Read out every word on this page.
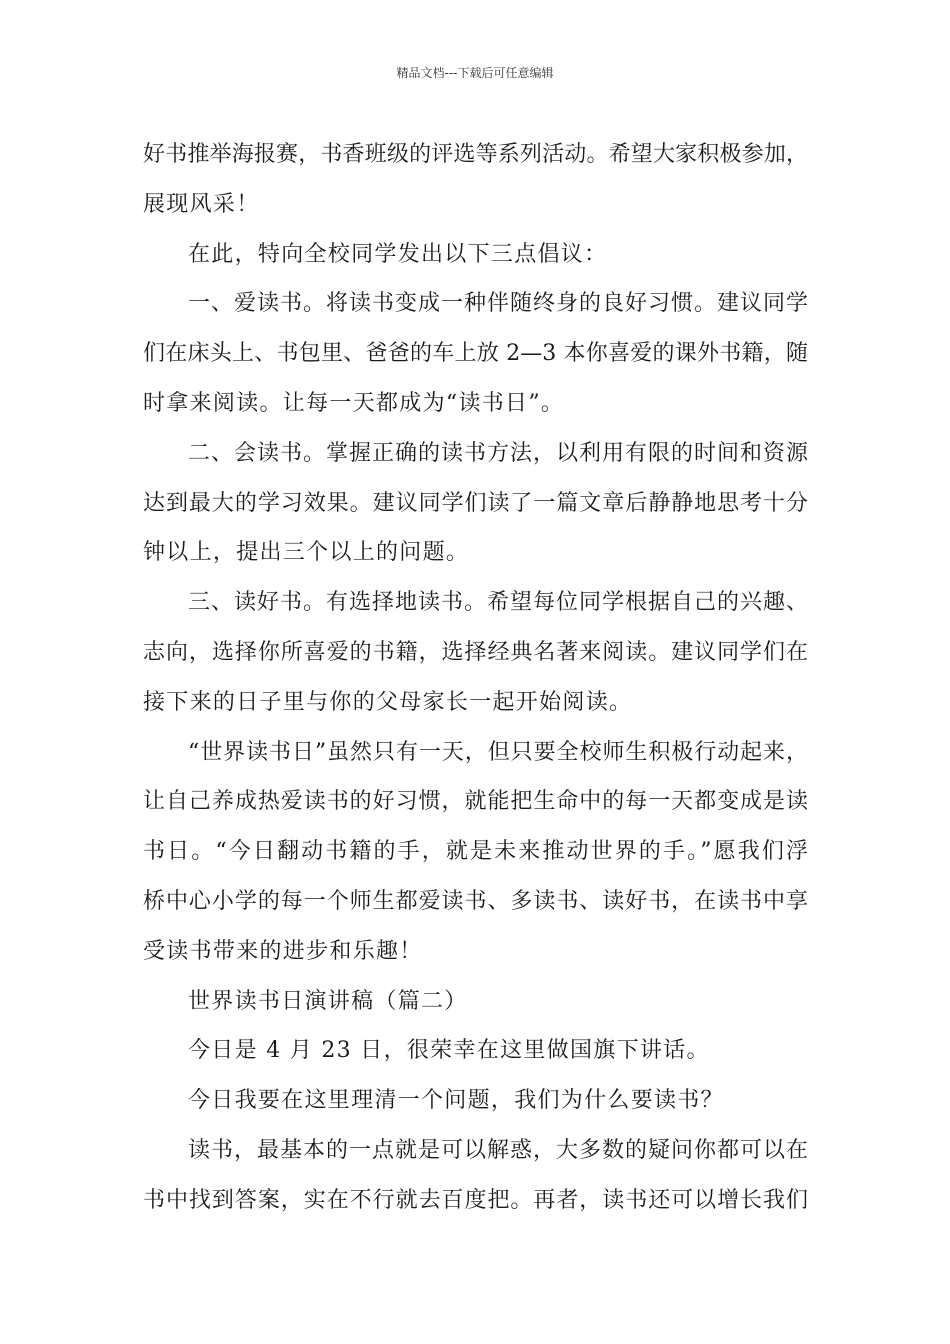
精品文档---下载后可任意编辑
好书推举海报赛，书香班级的评选等系列活动。希望大家积极参加，
展现风采！
在此，特向全校同学发出以下三点倡议：
一、爱读书。将读书变成一种伴随终身的良好习惯。建议同学
们在床头上、书包里、爸爸的车上放 2—3 本你喜爱的课外书籍，随
时拿来阅读。让每一天都成为“读书日”。
二、会读书。掌握正确的读书方法，以利用有限的时间和资源
达到最大的学习效果。建议同学们读了一篇文章后静静地思考十分
钟以上，提出三个以上的问题。
三、读好书。有选择地读书。希望每位同学根据自己的兴趣、
志向，选择你所喜爱的书籍，选择经典名著来阅读。建议同学们在
接下来的日子里与你的父母家长一起开始阅读。
“世界读书日”虽然只有一天，但只要全校师生积极行动起来，
让自己养成热爱读书的好习惯，就能把生命中的每一天都变成是读
书日。“今日翻动书籍的手，就是未来推动世界的手。”愿我们浮
桥中心小学的每一个师生都爱读书、多读书、读好书，在读书中享
受读书带来的进步和乐趣！
世界读书日演讲稿（篇二）
今日是 4 月 23 日，很荣幸在这里做国旗下讲话。
今日我要在这里理清一个问题，我们为什么要读书？
读书，最基本的一点就是可以解惑，大多数的疑问你都可以在
书中找到答案，实在不行就去百度把。再者，读书还可以增长我们
